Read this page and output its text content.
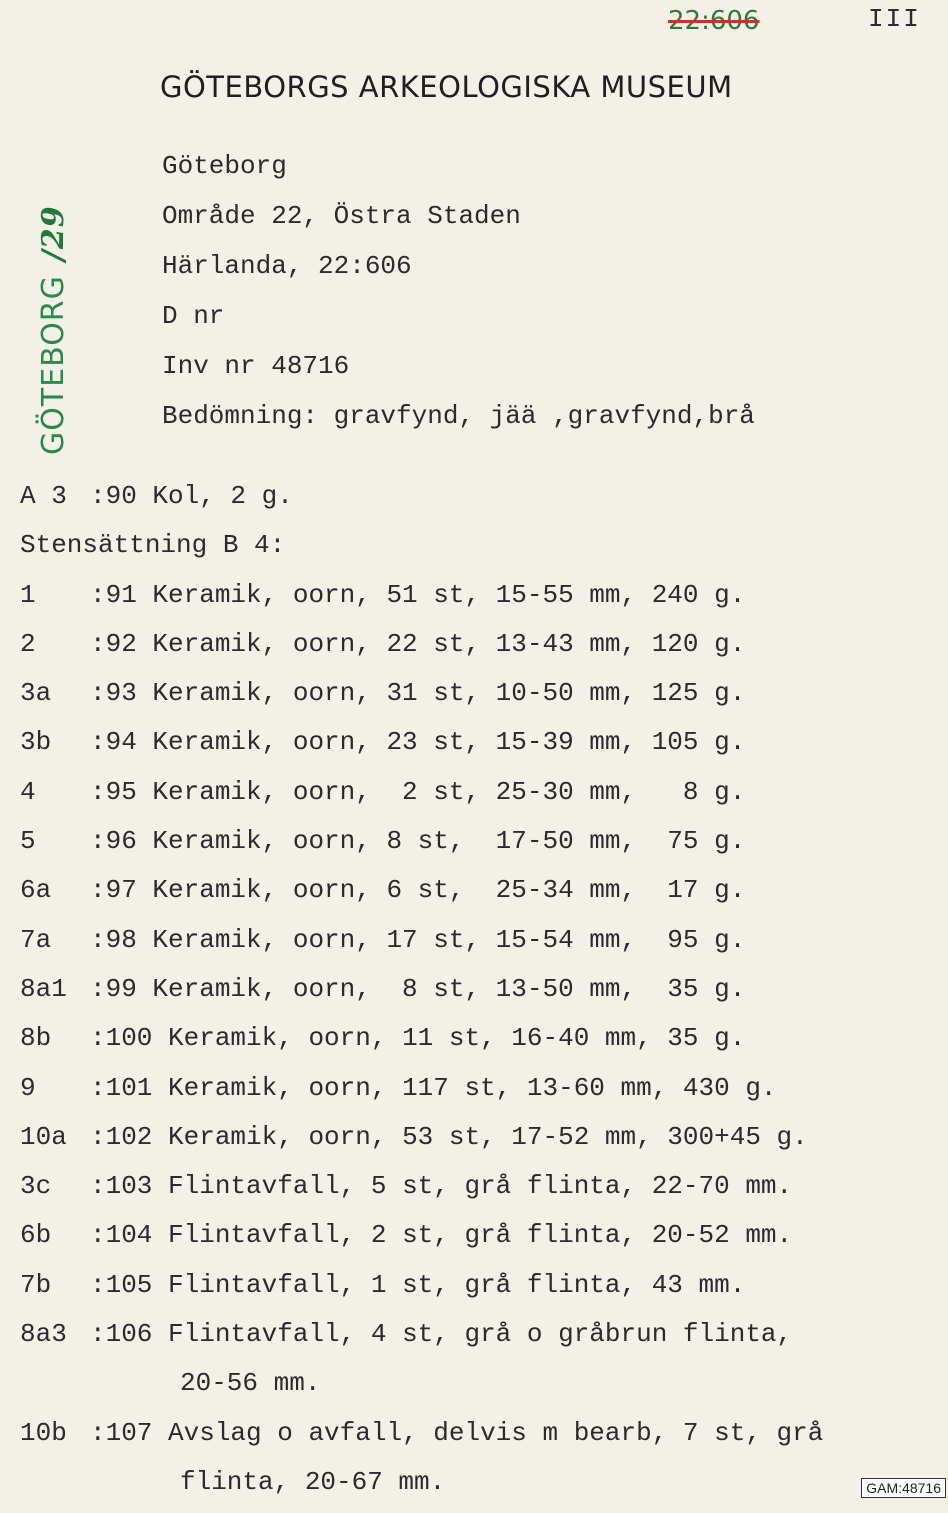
22:606	III
GÖTEBORGS ARKEOLOGISKA MUSEUM
GÖTEBORG/29
Göteborg
Område 22, Östra Staden
Härlanda, 22:606
D nr
Inv nr 48716
Bedömning: gravfynd, jää ,gravfynd,brå
A 3 :90 Kol, 2 g.
Stensättning B 4:
1 :91 Keramik, oorn, 51 st, 15-55 mm, 240 g.
2 :92 Keramik, oorn, 22 st, 13-43 mm, 120 g.
3a :93 Keramik, oorn, 31 st, 10-50 mm, 125 g.
3b :94 Keramik, oorn, 23 st, 15-39 mm, 105 g.
4 :95 Keramik, oorn,  2 st, 25-30 mm,   8 g.
5 :96 Keramik, oorn, 8 st,  17-50 mm,  75 g.
6a :97 Keramik, oorn, 6 st,  25-34 mm,  17 g.
7a :98 Keramik, oorn, 17 st, 15-54 mm,  95 g.
8a1 :99 Keramik, oorn,  8 st, 13-50 mm,  35 g.
8b :100 Keramik, oorn, 11 st, 16-40 mm, 35 g.
9 :101 Keramik, oorn, 117 st, 13-60 mm, 430 g.
10a :102 Keramik, oorn, 53 st, 17-52 mm, 300+45 g.
3c :103 Flintavfall, 5 st, grå flinta, 22-70 mm.
6b :104 Flintavfall, 2 st, grå flinta, 20-52 mm.
7b :105 Flintavfall, 1 st, grå flinta, 43 mm.
8a3 :106 Flintavfall, 4 st, grå o gråbrun flinta,
20-56 mm.
10b :107 Avslag o avfall, delvis m bearb, 7 st, grå
flinta, 20-67 mm.	GAM:48716
